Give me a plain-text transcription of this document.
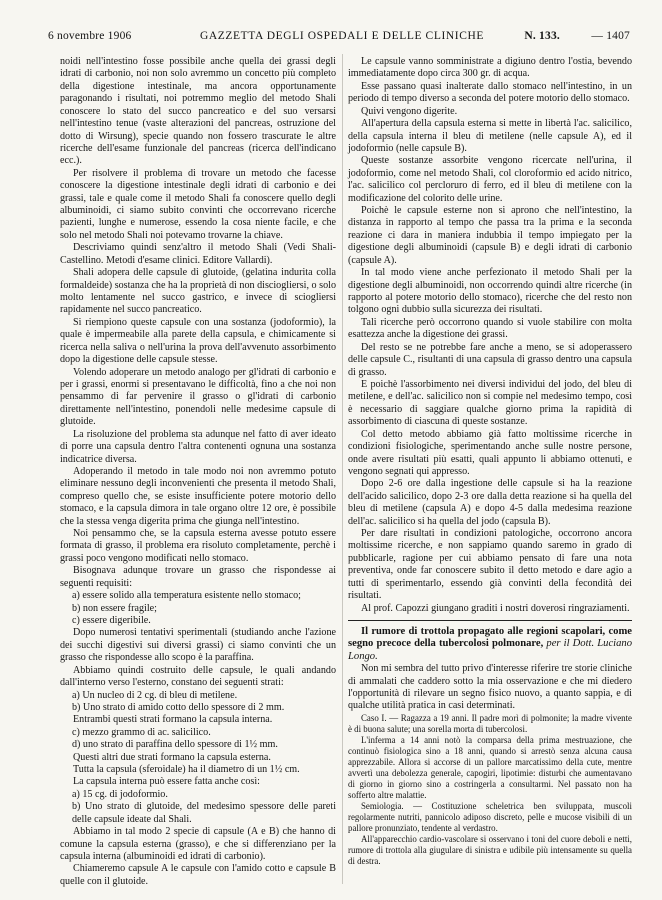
6 novembre 1906	GAZZETTA DEGLI OSPEDALI E DELLE CLINICHE	N. 133.	— 1407

noidi nell'intestino fosse possibile anche quella dei grassi degli idrati di carbonio, noi non solo avremmo un concetto più completo della digestione intestinale, ma ancora opportunamente paragonando i risultati, noi potremmo meglio del metodo Shali conoscere lo stato del succo pancreatico e del suo versarsi nell'intestino tenue (vaste alterazioni del pancreas, ostruzione del dotto di Wirsung), specie quando non fossero trascurate le altre ricerche dell'esame funzionale del pancreas (ricerca dell'indicano ecc.).

Per risolvere il problema di trovare un metodo che facesse conoscere la digestione intestinale degli idrati di carbonio e dei grassi, tale e quale come il metodo Shali fa conoscere quello degli albuminoidi, ci siamo subito convinti che occorrevano ricerche pazienti, lunghe e numerose, essendo la cosa niente facile, e che solo nel metodo Shali noi potevamo trovarne la chiave.

Descriviamo quindi senz'altro il metodo Shali (Vedi Shali-Castellino. Metodi d'esame clinici. Editore Vallardi).

Shali adopera delle capsule di glutoide, (gelatina indurita colla formaldeide) sostanza che ha la proprietà di non disciogliersi, o solo molto lentamente nel succo gastrico, e invece di sciogliersi rapidamente nel succo pancreatico.

Si riempiono queste capsule con una sostanza (jodoformio), la quale è impermeabile alla parete della capsula, e chimicamente si ricerca nella saliva o nell'urina la prova dell'avvenuto assorbimento dopo la digestione delle capsule stesse.

Volendo adoperare un metodo analogo per gl'idrati di carbonio e per i grassi, enormi si presentavano le difficoltà, fino a che noi non pensammo di far pervenire il grasso o gl'idrati di carbonio direttamente nell'intestino, ponendoli nelle medesime capsule di glutoide.

La risoluzione del problema sta adunque nel fatto di aver ideato di porre una capsula dentro l'altra contenenti ognuna una sostanza indicatrice diversa.

Adoperando il metodo in tale modo noi non avremmo potuto eliminare nessuno degli inconvenienti che presenta il metodo Shali, compreso quello che, se esiste insufficiente potere motorio dello stomaco, e la capsula dimora in tale organo oltre 12 ore, è possibile che la stessa venga digerita prima che giunga nell'intestino.

Noi pensammo che, se la capsula esterna avesse potuto essere formata di grasso, il problema era risoluto completamente, perchè i grassi poco vengono modificati nello stomaco.

Bisognava adunque trovare un grasso che rispondesse ai seguenti requisiti:

a) essere solido alla temperatura esistente nello stomaco;

b) non essere fragile;

c) essere digeribile.

Dopo numerosi tentativi sperimentali (studiando anche l'azione dei succhi digestivi sui diversi grassi) ci siamo convinti che un grasso che rispondesse allo scopo è la paraffina.

Abbiamo quindi costruito delle capsule, le quali andando dall'interno verso l'esterno, constano dei seguenti strati:

a) Un nucleo di 2 cg. di bleu di metilene.

b) Uno strato di amido cotto dello spessore di 2 mm.

Entrambi questi strati formano la capsula interna.

c) mezzo grammo di ac. salicilico.

d) uno strato di paraffina dello spessore di 1½ mm.

Questi altri due strati formano la capsula esterna.

Tutta la capsula (sferoidale) ha il diametro di un 1½ cm.

La capsula interna può essere fatta anche così:

a) 15 cg. di jodoformio.

b) Uno strato di glutoide, del medesimo spessore delle pareti delle capsule ideate dal Shali.

Abbiamo in tal modo 2 specie di capsule (A e B) che hanno di comune la capsula esterna (grasso), e che si differenziano per la capsula interna (albuminoidi ed idrati di carbonio).

Chiameremo capsule A le capsule con l'amido cotto e capsule B quelle con il glutoide.

Le capsule vanno somministrate a digiuno dentro l'ostia, bevendo immediatamente dopo circa 300 gr. di acqua.

Esse passano quasi inalterate dallo stomaco nell'intestino, in un periodo di tempo diverso a seconda del potere motorio dello stomaco.

Quivi vengono digerite.

All'apertura della capsula esterna si mette in libertà l'ac. salicilico, della capsula interna il bleu di metilene (nelle capsule A), ed il jodoformio (nelle capsule B).

Queste sostanze assorbite vengono ricercate nell'urina, il jodoformio, come nel metodo Shali, col cloroformio ed acido nitrico, l'ac. salicilico col percloruro di ferro, ed il bleu di metilene con la modificazione del colorito delle urine.

Poichè le capsule esterne non si aprono che nell'intestino, la distanza in rapporto al tempo che passa tra la prima e la seconda reazione ci dara in maniera indubbia il tempo impiegato per la digestione degli albuminoidi (capsule B) e degli idrati di carbonio (capsule A).

In tal modo viene anche perfezionato il metodo Shali per la digestione degli albuminoidi, non occorrendo quindi altre ricerche (in rapporto al potere motorio dello stomaco), ricerche che del resto non tolgono ogni dubbio sulla sicurezza dei risultati.

Tali ricerche però occorrono quando si vuole stabilire con molta esattezza anche la digestione dei grassi.

Del resto se ne potrebbe fare anche a meno, se si adoperassero delle capsule C., risultanti di una capsula di grasso dentro una capsula di grasso.

E poichè l'assorbimento nei diversi individui del jodo, del bleu di metilene, e dell'ac. salicilico non si compie nel medesimo tempo, così è necessario di saggiare qualche giorno prima la rapidità di assorbimento di ciascuna di queste sostanze.

Col detto metodo abbiamo già fatto moltissime ricerche in condizioni fisiologiche, sperimentando anche sulle nostre persone, onde avere risultati più esatti, quali appunto li abbiamo ottenuti, e vengono segnati qui appresso.

Dopo 2-6 ore dalla ingestione delle capsule si ha la reazione dell'acido salicilico, dopo 2-3 ore dalla detta reazione si ha quella del bleu di metilene (capsula A) e dopo 4-5 dalla medesima reazione dell'ac. salicilico si ha quella del jodo (capsula B).

Per dare risultati in condizioni patologiche, occorrono ancora moltissime ricerche, e non sappiamo quando saremo in grado di pubblicarle, ragione per cui abbiamo pensato di fare una nota preventiva, onde far conoscere subito il detto metodo e dare agio a tutti di sperimentarlo, essendo già convinti della fecondità dei risultati.

Al prof. Capozzi giungano graditi i nostri doverosi ringraziamenti.

Il rumore di trottola propagato alle regioni scapolari, come segno precoce della tubercolosi polmonare, per il Dott. Luciano Longo.

Non mi sembra del tutto privo d'interesse riferire tre storie cliniche di ammalati che caddero sotto la mia osservazione e che mi diedero l'opportunità di rilevare un segno fisico nuovo, a quanto sappia, e di qualche utilità pratica in casi determinati.

Caso I. — Ragazza a 19 anni. Il padre morì di polmonite; la madre vivente è di buona salute; una sorella morta di tubercolosi.

L'inferma a 14 anni notò la comparsa della prima mestruazione, che continuò fisiologica sino a 18 anni, quando si arrestò senza alcuna causa apprezzabile. Allora si accorse di un pallore marcatissimo della cute, mentre avvertì una debolezza generale, capogiri, lipotimie: disturbi che aumentavano di giorno in giorno sino a costringerla a consultarmi. Nel passato non ha sofferto altre malattie.

Semiologia. — Costituzione scheletrica ben sviluppata, muscoli regolarmente nutriti, pannicolo adiposo discreto, pelle e mucose visibili di un pallore pronunziato, tendente al verdastro.

All'apparecchio cardio-vascolare si osservano i toni del cuore deboli e netti, rumore di trottola alla giugulare di sinistra e udibile più intensamente su quella di destra.
